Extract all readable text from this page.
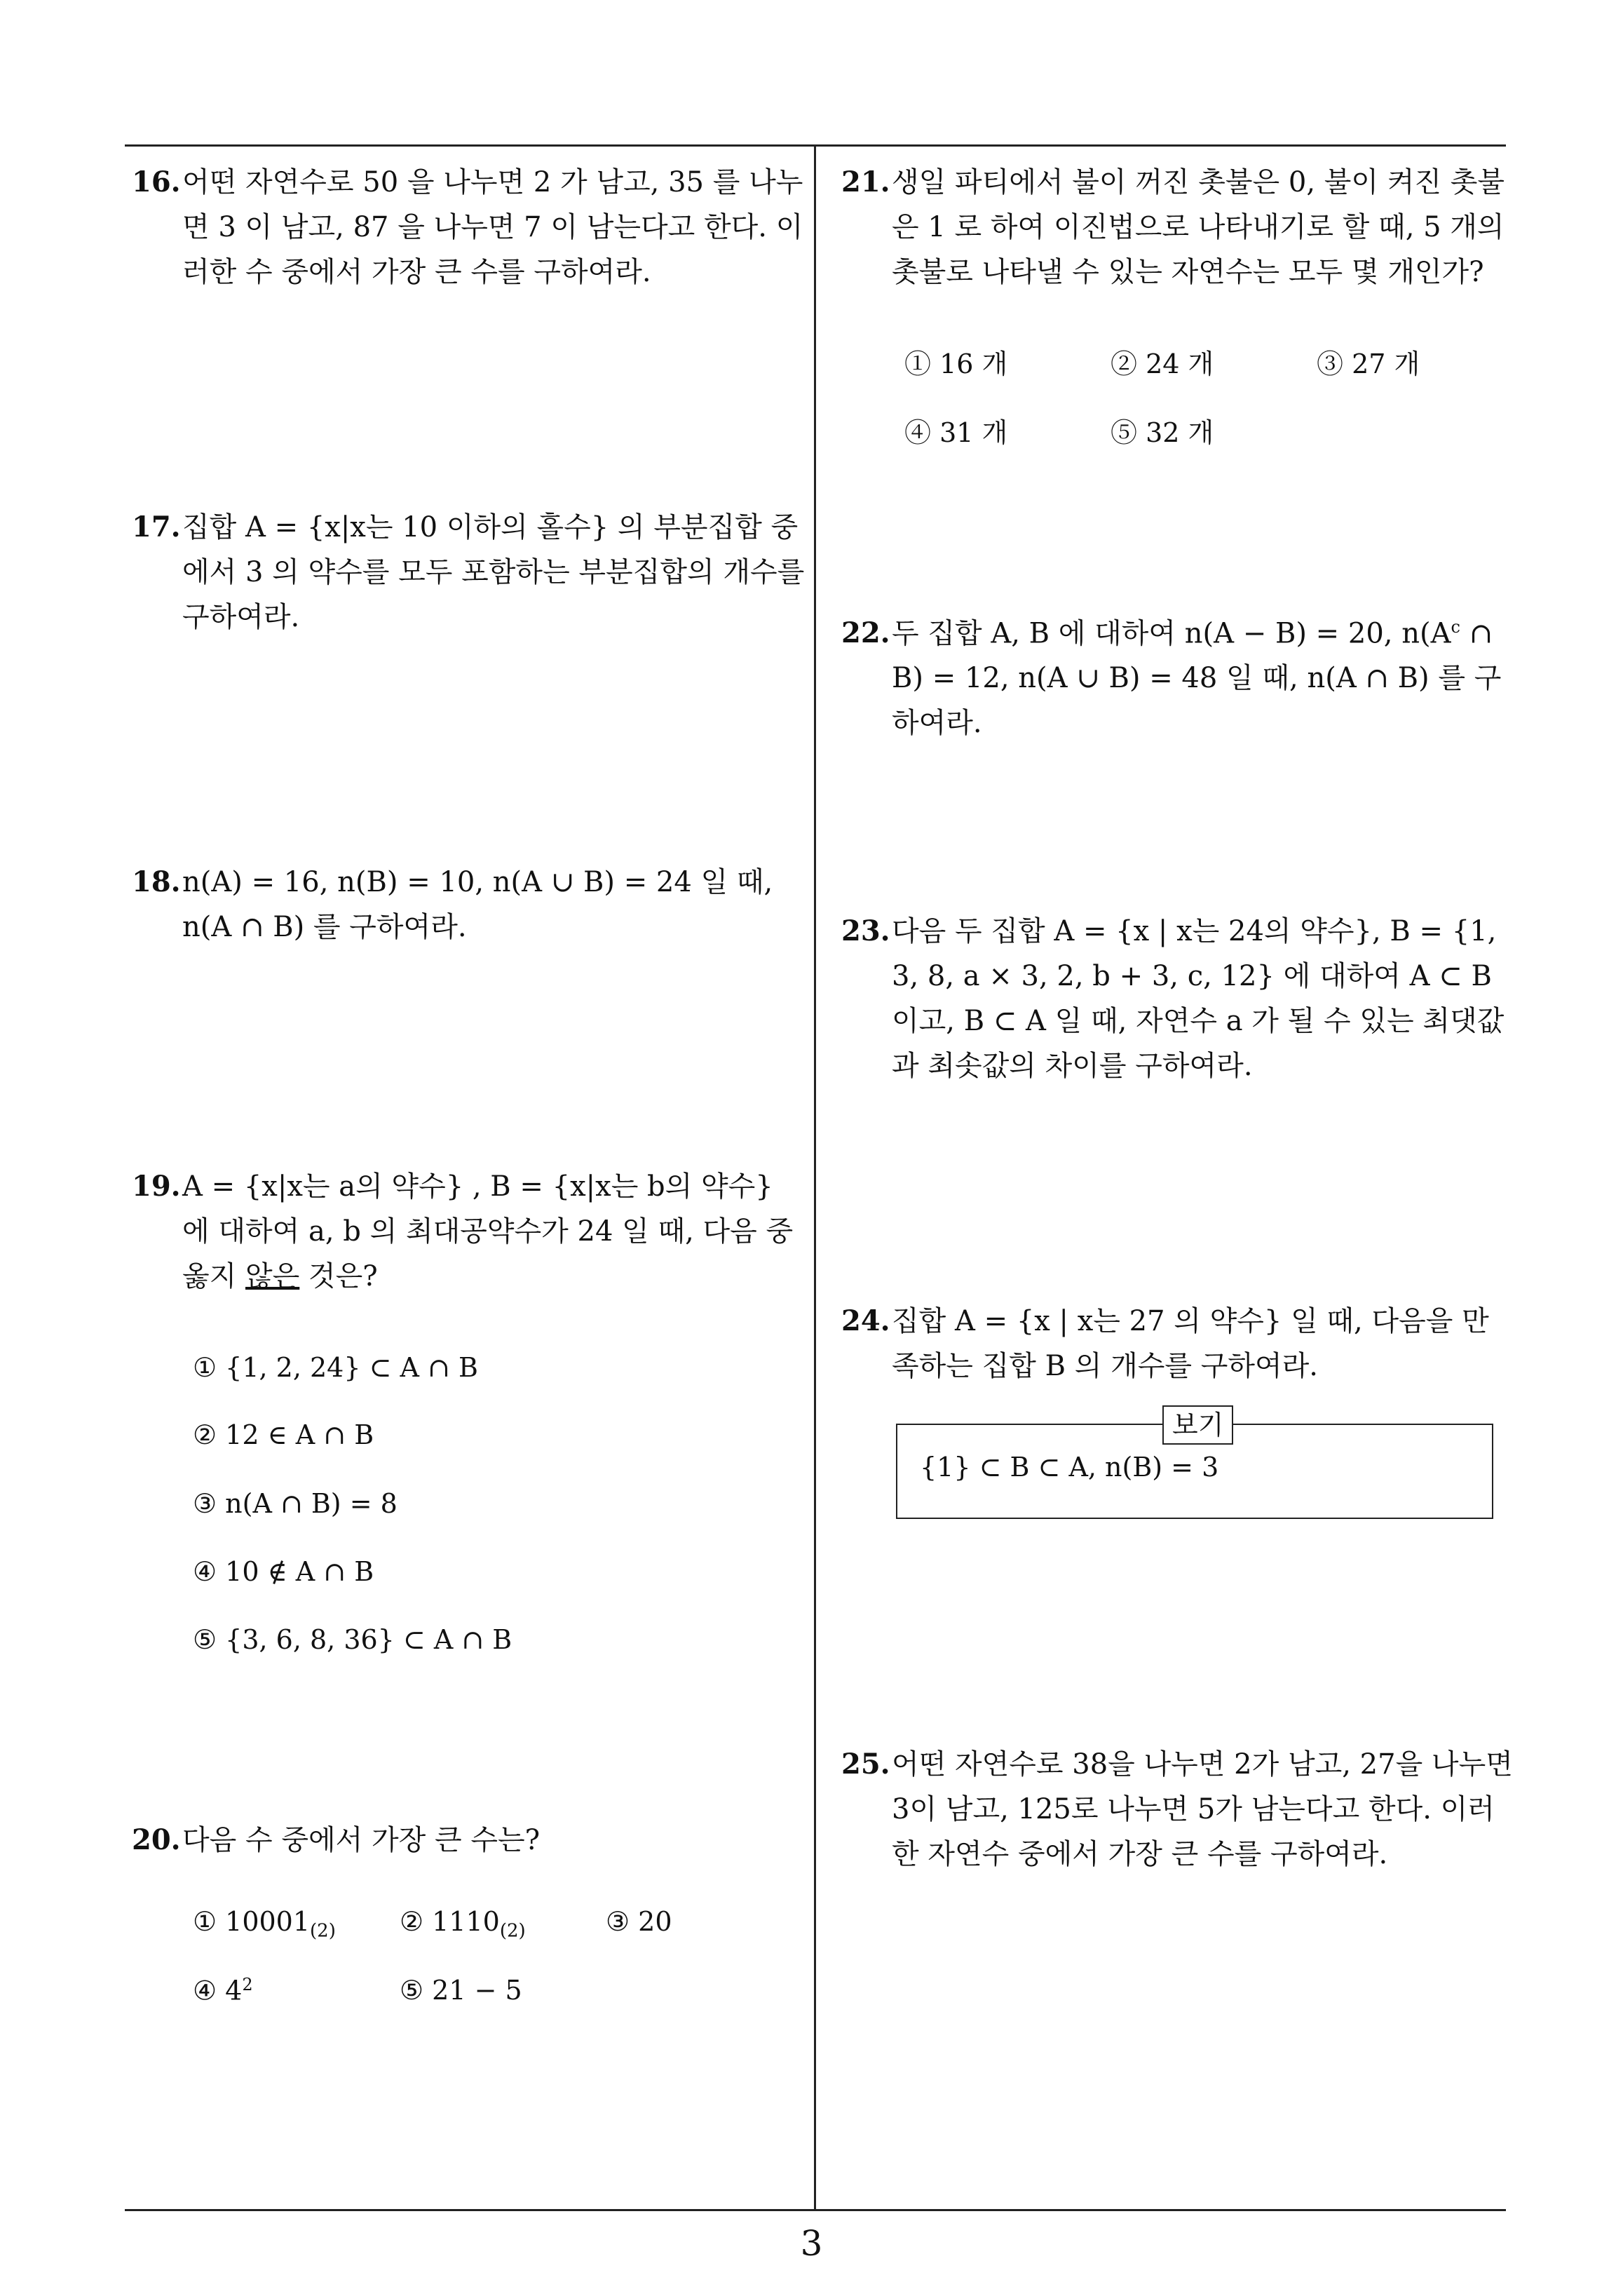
16.어떤 자연수로 50 을 나누면 2 가 남고, 35 를 나누면 3 이 남고, 87 을 나누면 7 이 남는다고 한다. 이러한 수 중에서 가장 큰 수를 구하여라.
17.집합 A = {x|x는 10 이하의 홀수} 의 부분집합 중에서 3 의 약수를 모두 포함하는 부분집합의 개수를 구하여라.
18.n(A) = 16, n(B) = 10, n(A ∪ B) = 24 일 때, n(A ∩ B) 를 구하여라.
19.A = {x|x는 a의 약수} , B = {x|x는 b의 약수} 에 대하여 a, b 의 최대공약수가 24 일 때, 다음 중 옳지 않은 것은?
① {1, 2, 24} ⊂ A ∩ B
② 12 ∈ A ∩ B
③ n(A ∩ B) = 8
④ 10 ∉ A ∩ B
⑤ {3, 6, 8, 36} ⊂ A ∩ B
20.다음 수 중에서 가장 큰 수는?
① $10001_{(2)}$ ② $1110_{(2)}$	③ 20
④ $4^2$	⑤ 21 − 5
21.생일 파티에서 불이 꺼진 촛불은 0, 불이 켜진 촛불은 1 로 하여 이진법으로 나타내기로 할 때, 5 개의 촛불로 나타낼 수 있는 자연수는 모두 몇 개인가?
① 16 개	② 24 개	③ 27 개
④ 31 개	⑤ 32 개
22.두 집합 A, B 에 대하여 n(A − B) = 20, $n(A^c$ ∩ B) = 12, n(A ∪ B) = 48 일 때, n(A ∩ B) 를 구하여라.
23.다음 두 집합 A = {x | x는 24의 약수}, B = {1, 3, 8, a × 3, 2, b + 3, c, 12} 에 대하여 A ⊂ B 이고, B ⊂ A 일 때, 자연수 a 가 될 수 있는 최댓값과 최솟값의 차이를 구하여라.
24.집합 A = {x | x는 27 의 약수} 일 때, 다음을 만족하는 집합 B 의 개수를 구하여라.
보기
{1} ⊂ B ⊂ A, n(B) = 3
25.어떤 자연수로 38을 나누면 2가 남고, 27을 나누면 3이 남고, 125로 나누면 5가 남는다고 한다. 이러한 자연수 중에서 가장 큰 수를 구하여라.
3
